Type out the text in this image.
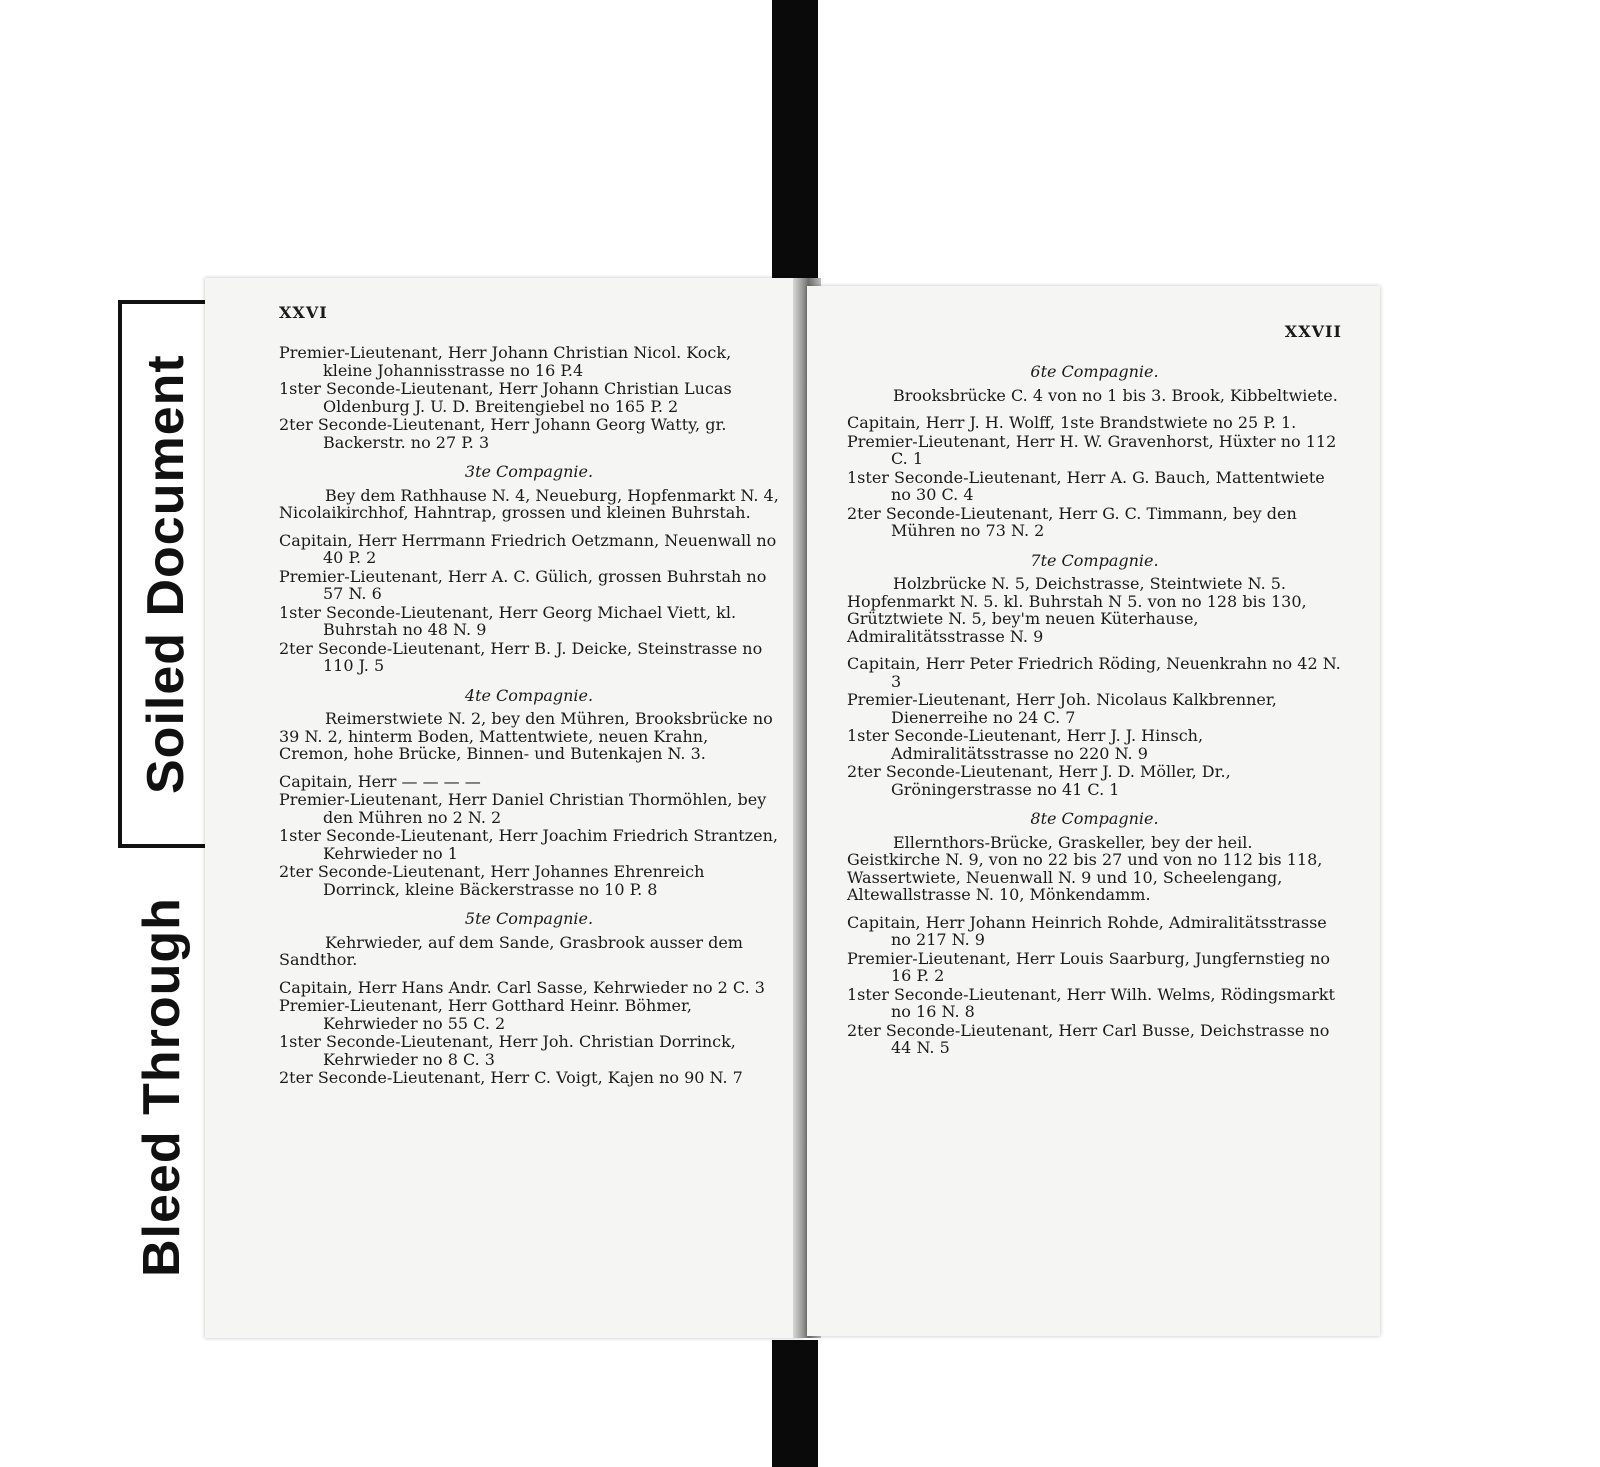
Soiled Document
Bleed Through
XXVI
Premier-Lieutenant, Herr Johann Christian Nicol. Kock, kleine Johannisstrasse no 16 P.4
1ster Seconde-Lieutenant, Herr Johann Christian Lucas Oldenburg J. U. D. Breitengiebel no 165 P. 2
2ter Seconde-Lieutenant, Herr Johann Georg Watty, gr. Backerstr. no 27 P. 3
3te Compagnie.
Bey dem Rathhause N. 4, Neueburg, Hopfenmarkt N. 4, Nicolaikirchhof, Hahntrap, grossen und kleinen Buhrstah.
Capitain, Herr Herrmann Friedrich Oetzmann, Neuenwall no 40 P. 2
Premier-Lieutenant, Herr A. C. Gülich, grossen Buhrstah no 57 N. 6
1ster Seconde-Lieutenant, Herr Georg Michael Viett, kl. Buhrstah no 48 N. 9
2ter Seconde-Lieutenant, Herr B. J. Deicke, Steinstrasse no 110 J. 5
4te Compagnie.
Reimerstwiete N. 2, bey den Mühren, Brooksbrücke no 39 N. 2, hinterm Boden, Mattentwiete, neuen Krahn, Cremon, hohe Brücke, Binnen- und Butenkajen N. 3.
Capitain, Herr — — — —
Premier-Lieutenant, Herr Daniel Christian Thormöhlen, bey den Mühren no 2 N. 2
1ster Seconde-Lieutenant, Herr Joachim Friedrich Strantzen, Kehrwieder no 1
2ter Seconde-Lieutenant, Herr Johannes Ehrenreich Dorrinck, kleine Bäckerstrasse no 10 P. 8
5te Compagnie.
Kehrwieder, auf dem Sande, Grasbrook ausser dem Sandthor.
Capitain, Herr Hans Andr. Carl Sasse, Kehrwieder no 2 C. 3
Premier-Lieutenant, Herr Gotthard Heinr. Böhmer, Kehrwieder no 55 C. 2
1ster Seconde-Lieutenant, Herr Joh. Christian Dorrinck, Kehrwieder no 8 C. 3
2ter Seconde-Lieutenant, Herr C. Voigt, Kajen no 90 N. 7
XXVII
6te Compagnie.
Brooksbrücke C. 4 von no 1 bis 3. Brook, Kibbeltwiete.
Capitain, Herr J. H. Wolff, 1ste Brandstwiete no 25 P. 1.
Premier-Lieutenant, Herr H. W. Gravenhorst, Hüxter no 112 C. 1
1ster Seconde-Lieutenant, Herr A. G. Bauch, Mattentwiete no 30 C. 4
2ter Seconde-Lieutenant, Herr G. C. Timmann, bey den Mühren no 73 N. 2
7te Compagnie.
Holzbrücke N. 5, Deichstrasse, Steintwiete N. 5. Hopfenmarkt N. 5. kl. Buhrstah N 5. von no 128 bis 130, Grütztwiete N. 5, bey'm neuen Küterhause, Admiralitätsstrasse N. 9
Capitain, Herr Peter Friedrich Röding, Neuenkrahn no 42 N. 3
Premier-Lieutenant, Herr Joh. Nicolaus Kalkbrenner, Dienerreihe no 24 C. 7
1ster Seconde-Lieutenant, Herr J. J. Hinsch, Admiralitätsstrasse no 220 N. 9
2ter Seconde-Lieutenant, Herr J. D. Möller, Dr., Gröningerstrasse no 41 C. 1
8te Compagnie.
Ellernthors-Brücke, Graskeller, bey der heil. Geistkirche N. 9, von no 22 bis 27 und von no 112 bis 118, Wassertwiete, Neuenwall N. 9 und 10, Scheelengang, Altewallstrasse N. 10, Mönkendamm.
Capitain, Herr Johann Heinrich Rohde, Admiralitätsstrasse no 217 N. 9
Premier-Lieutenant, Herr Louis Saarburg, Jungfernstieg no 16 P. 2
1ster Seconde-Lieutenant, Herr Wilh. Welms, Rödingsmarkt no 16 N. 8
2ter Seconde-Lieutenant, Herr Carl Busse, Deichstrasse no 44 N. 5
